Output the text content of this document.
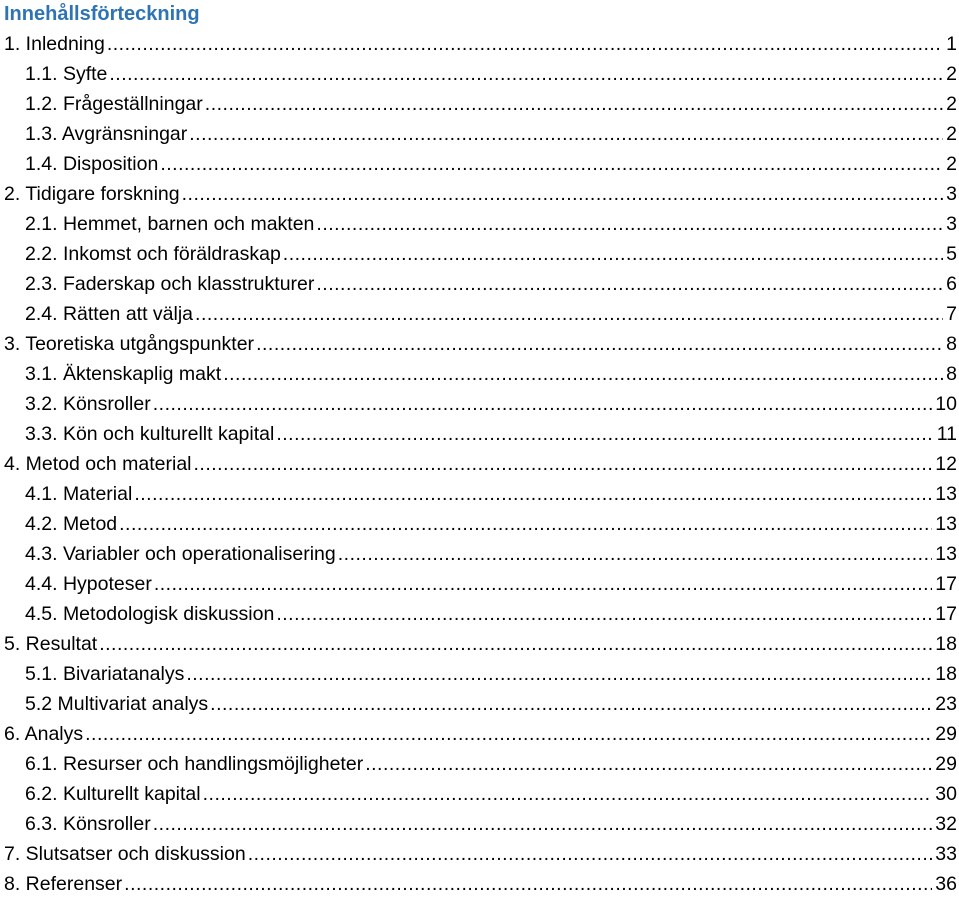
Innehållsförteckning
1. Inledning .....	1
1.1. Syfte .....	2
1.2. Frågeställningar .....	2
1.3. Avgränsningar .....	2
1.4. Disposition .....	2
2. Tidigare forskning .....	3
2.1. Hemmet, barnen och makten .....	3
2.2. Inkomst och föräldraskap .....	5
2.3. Faderskap och klasstrukturer .....	6
2.4. Rätten att välja .....	7
3. Teoretiska utgångspunkter .....	8
3.1. Äktenskaplig makt .....	8
3.2. Könsroller .....	10
3.3. Kön och kulturellt kapital .....	11
4. Metod och material .....	12
4.1. Material .....	13
4.2. Metod .....	13
4.3. Variabler och operationalisering .....	13
4.4. Hypoteser .....	17
4.5. Metodologisk diskussion .....	17
5. Resultat .....	18
5.1. Bivariatanalys .....	18
5.2 Multivariat analys .....	23
6. Analys .....	29
6.1. Resurser och handlingsmöjligheter .....	29
6.2. Kulturellt kapital .....	30
6.3. Könsroller .....	32
7. Slutsatser och diskussion .....	33
8. Referenser .....	36
